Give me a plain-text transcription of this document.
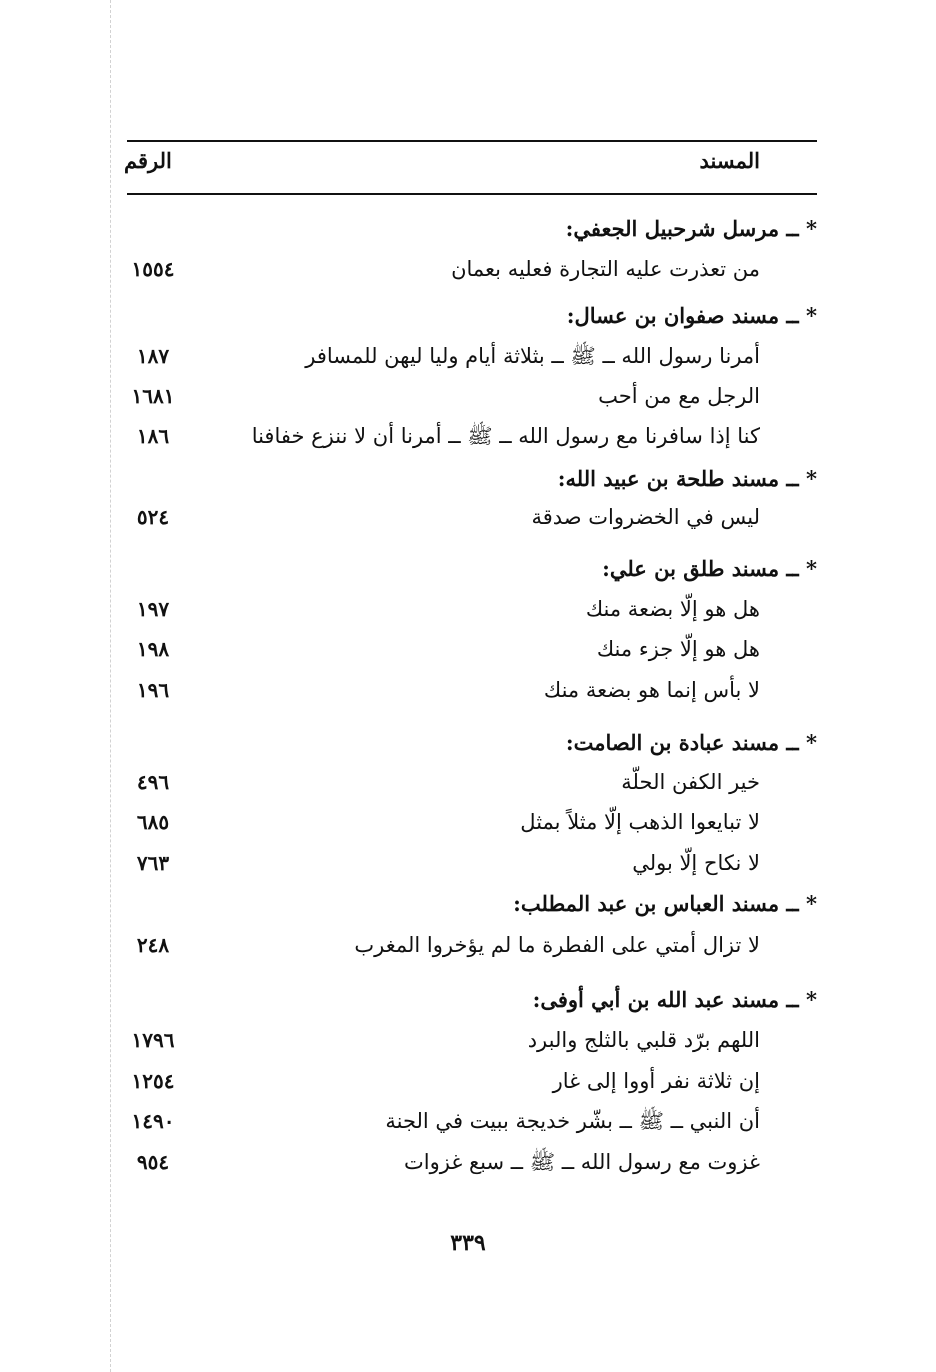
المسند
الرقم
* ــ مرسل شرحبيل الجعفي:
من تعذرت عليه التجارة فعليه بعمان
١٥٥٤
* ــ مسند صفوان بن عسال:
أمرنا رسول الله ــ ﷺ ــ بثلاثة أيام وليا ليهن للمسافر
١٨٧
الرجل مع من أحب
١٦٨١
كنا إذا سافرنا مع رسول الله ــ ﷺ ــ أمرنا أن لا ننزع خفافنا
١٨٦
* ــ مسند طلحة بن عبيد الله:
ليس في الخضروات صدقة
٥٢٤
* ــ مسند طلق بن علي:
هل هو إلّا بضعة منك
١٩٧
هل هو إلّا جزء منك
١٩٨
لا بأس إنما هو بضعة منك
١٩٦
* ــ مسند عبادة بن الصامت:
خير الكفن الحلّة
٤٩٦
لا تبايعوا الذهب إلّا مثلاً بمثل
٦٨٥
لا نكاح إلّا بولي
٧٦٣
* ــ مسند العباس بن عبد المطلب:
لا تزال أمتي على الفطرة ما لم يؤخروا المغرب
٢٤٨
* ــ مسند عبد الله بن أبي أوفى:
اللهم برّد قلبي بالثلج والبرد
١٧٩٦
إن ثلاثة نفر أووا إلى غار
١٢٥٤
أن النبي ــ ﷺ ــ بشّر خديجة ببيت في الجنة
١٤٩٠
غزوت مع رسول الله ــ ﷺ ــ سبع غزوات
٩٥٤
٣٣٩
